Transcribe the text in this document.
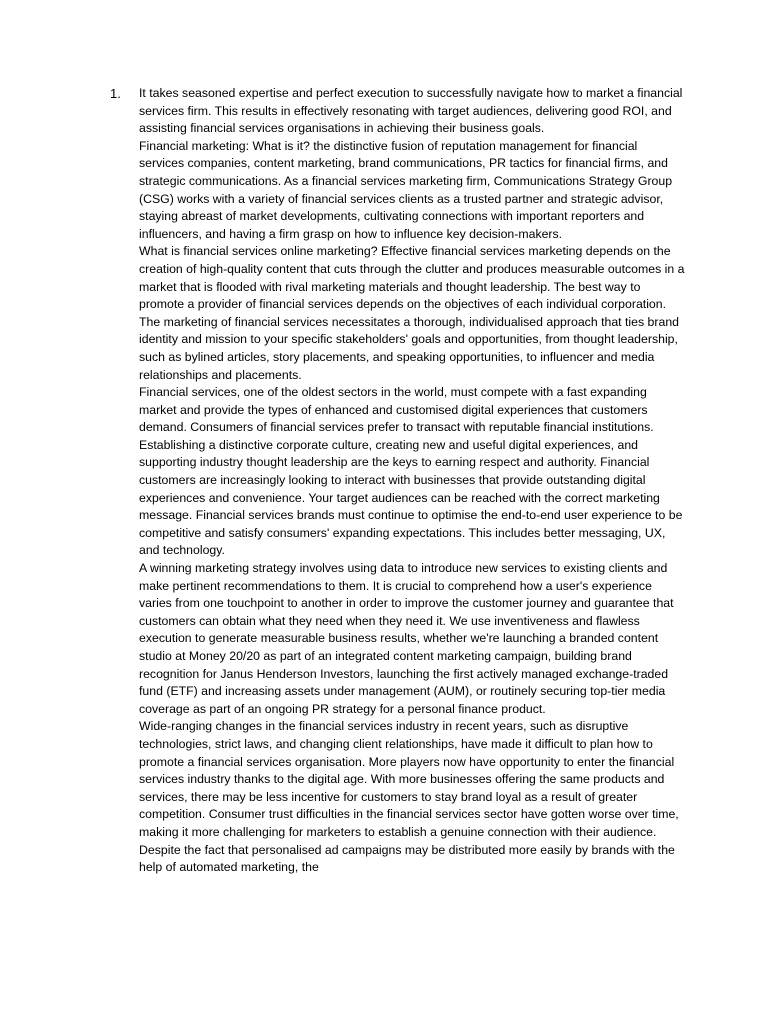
1. It takes seasoned expertise and perfect execution to successfully navigate how to market a financial services firm. This results in effectively resonating with target audiences, delivering good ROI, and assisting financial services organisations in achieving their business goals.

Financial marketing: What is it? the distinctive fusion of reputation management for financial services companies, content marketing, brand communications, PR tactics for financial firms, and strategic communications. As a financial services marketing firm, Communications Strategy Group (CSG) works with a variety of financial services clients as a trusted partner and strategic advisor, staying abreast of market developments, cultivating connections with important reporters and influencers, and having a firm grasp on how to influence key decision-makers.

What is financial services online marketing? Effective financial services marketing depends on the creation of high-quality content that cuts through the clutter and produces measurable outcomes in a market that is flooded with rival marketing materials and thought leadership. The best way to promote a provider of financial services depends on the objectives of each individual corporation. The marketing of financial services necessitates a thorough, individualised approach that ties brand identity and mission to your specific stakeholders' goals and opportunities, from thought leadership, such as bylined articles, story placements, and speaking opportunities, to influencer and media relationships and placements.

Financial services, one of the oldest sectors in the world, must compete with a fast expanding market and provide the types of enhanced and customised digital experiences that customers demand. Consumers of financial services prefer to transact with reputable financial institutions. Establishing a distinctive corporate culture, creating new and useful digital experiences, and supporting industry thought leadership are the keys to earning respect and authority. Financial customers are increasingly looking to interact with businesses that provide outstanding digital experiences and convenience. Your target audiences can be reached with the correct marketing message. Financial services brands must continue to optimise the end-to-end user experience to be competitive and satisfy consumers' expanding expectations. This includes better messaging, UX, and technology.

A winning marketing strategy involves using data to introduce new services to existing clients and make pertinent recommendations to them. It is crucial to comprehend how a user's experience varies from one touchpoint to another in order to improve the customer journey and guarantee that customers can obtain what they need when they need it. We use inventiveness and flawless execution to generate measurable business results, whether we're launching a branded content studio at Money 20/20 as part of an integrated content marketing campaign, building brand recognition for Janus Henderson Investors, launching the first actively managed exchange-traded fund (ETF) and increasing assets under management (AUM), or routinely securing top-tier media coverage as part of an ongoing PR strategy for a personal finance product.

Wide-ranging changes in the financial services industry in recent years, such as disruptive technologies, strict laws, and changing client relationships, have made it difficult to plan how to promote a financial services organisation. More players now have opportunity to enter the financial services industry thanks to the digital age. With more businesses offering the same products and services, there may be less incentive for customers to stay brand loyal as a result of greater competition. Consumer trust difficulties in the financial services sector have gotten worse over time, making it more challenging for marketers to establish a genuine connection with their audience. Despite the fact that personalised ad campaigns may be distributed more easily by brands with the help of automated marketing, the
